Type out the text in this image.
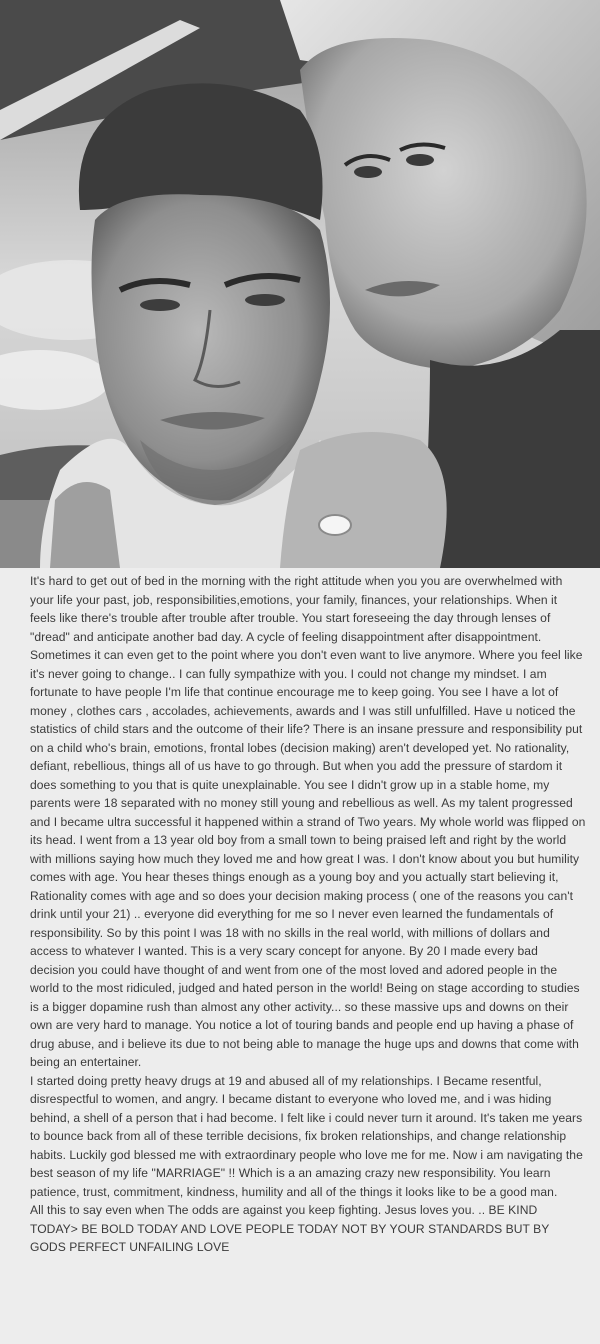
It's hard to get out of bed in the morning with the right attitude when you you are overwhelmed with your life your past, job, responsibilities,emotions, your family, finances, your relationships. When it feels like there's trouble after trouble after trouble. You start foreseeing the day through lenses of "dread" and anticipate another bad day. A cycle of feeling disappointment after disappointment. Sometimes it can even get to the point where you don't even want to live anymore. Where you feel like it's never going to change.. I can fully sympathize with you. I could not change my mindset. I am fortunate to have people I'm life that continue encourage me to keep going. You see I have a lot of money , clothes cars , accolades, achievements, awards and I was still unfulfilled. Have u noticed the statistics of child stars and the outcome of their life? There is an insane pressure and responsibility put on a child who's brain, emotions, frontal lobes (decision making) aren't developed yet. No rationality, defiant, rebellious, things all of us have to go through. But when you add the pressure of stardom it does something to you that is quite unexplainable. You see I didn't grow up in a stable home, my parents were 18 separated with no money still young and rebellious as well. As my talent progressed and I became ultra successful it happened within a strand of Two years. My whole world was flipped on its head. I went from a 13 year old boy from a small town to being praised left and right by the world with millions saying how much they loved me and how great I was. I don't know about you but humility comes with age. You hear theses things enough as a young boy and you actually start believing it, Rationality comes with age and so does your decision making process ( one of the reasons you can't drink until your 21) .. everyone did everything for me so I never even learned the fundamentals of responsibility. So by this point I was 18 with no skills in the real world, with millions of dollars and access to whatever I wanted. This is a very scary concept for anyone. By 20 I made every bad decision you could have thought of and went from one of the most loved and adored people in the world to the most ridiculed, judged and hated person in the world! Being on stage according to studies is a bigger dopamine rush than almost any other activity... so these massive ups and downs on their own are very hard to manage. You notice a lot of touring bands and people end up having a phase of drug abuse, and i believe its due to not being able to manage the huge ups and downs that come with being an entertainer.

I started doing pretty heavy drugs at 19 and abused all of my relationships. I Became resentful, disrespectful to women, and angry. I became distant to everyone who loved me, and i was hiding behind, a shell of a person that i had become. I felt like i could never turn it around. It's taken me years to bounce back from all of these terrible decisions, fix broken relationships, and change relationship habits. Luckily god blessed me with extraordinary people who love me for me. Now i am navigating the best season of my life "MARRIAGE" !! Which is a an amazing crazy new responsibility. You learn patience, trust, commitment, kindness, humility and all of the things it looks like to be a good man.

All this to say even when The odds are against you keep fighting. Jesus loves you. .. BE KIND TODAY> BE BOLD TODAY AND LOVE PEOPLE TODAY NOT BY YOUR STANDARDS BUT BY GODS PERFECT UNFAILING LOVE
